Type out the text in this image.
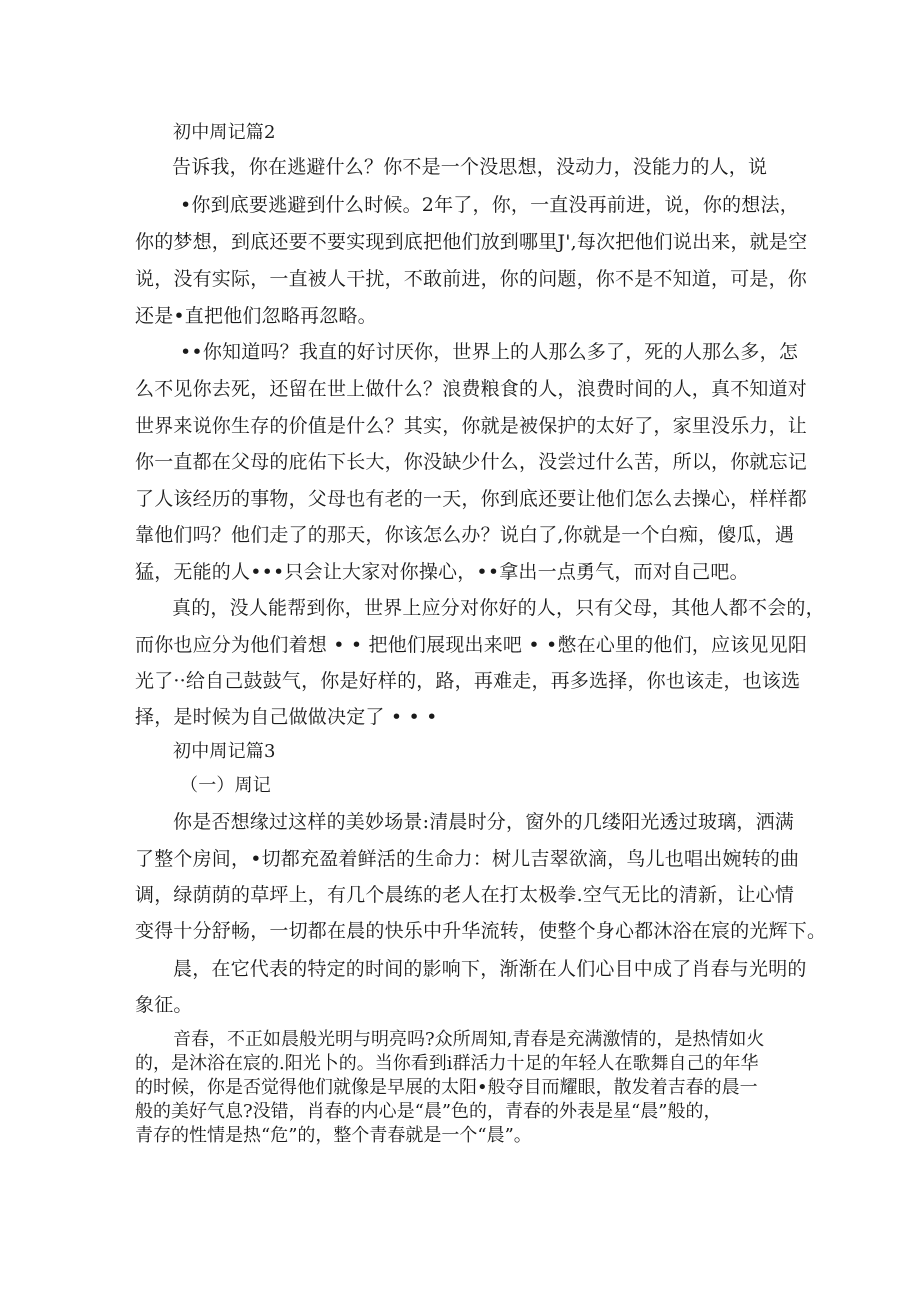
初中周记篇2
告诉我，你在逃避什么？你不是一个没思想，没动力，没能力的人，说
•你到底要逃避到什么时候。2年了，你，一直没再前进，说，你的想法，
你的梦想，到底还要不要实现到底把他们放到哪里J',每次把他们说出来，就是空
说，没有实际，一直被人干扰，不敢前进，你的问题，你不是不知道，可是，你
还是•直把他们忽略再忽略。
••你知道吗？我直的好讨厌你，世界上的人那么多了，死的人那么多，怎
么不见你去死，还留在世上做什么？浪费粮食的人，浪费时间的人，真不知道对
世界来说你生存的价值是什么？其实，你就是被保护的太好了，家里没乐力，让
你一直都在父母的庇佑下长大，你没缺少什么，没尝过什么苦，所以，你就忘记
了人该经历的事物，父母也有老的一天，你到底还要让他们怎么去操心，样样都
靠他们吗？他们走了的那天，你该怎么办？说白了,你就是一个白痴，傻瓜，遇
猛，无能的人•••只会让大家对你操心，••拿出一点勇气，而对自己吧。
真的，没人能帮到你，世界上应分对你好的人，只有父母，其他人都不会的，
而你也应分为他们着想 • • 把他们展现出来吧 • •憋在心里的他们，应该见见阳
光了··给自己鼓鼓气，你是好样的，路，再难走，再多选择，你也该走，也该选
择，是时候为自己做做决定了 • • •
初中周记篇3
（一）周记
你是否想缘过这样的美妙场景:清晨时分，窗外的几缕阳光透过玻璃，洒满
了整个房间，•切都充盈着鲜活的生命力：树儿吉翠欲滴，鸟儿也唱出婉转的曲
调，绿荫荫的草坪上，有几个晨练的老人在打太极拳.空气无比的清新，让心情
变得十分舒畅，一切都在晨的快乐中升华流转，使整个身心都沐浴在宸的光辉下。
晨，在它代表的特定的时间的影响下，渐渐在人们心目中成了肖春与光明的
象征。
音春，不正如晨般光明与明亮吗?众所周知,青春是充满激情的，是热情如火
的，是沐浴在宸的.阳光卜的。当你看到i群活力十足的年轻人在歌舞自己的年华
的时候，你是否觉得他们就像是早展的太阳•般夺目而耀眼，散发着吉春的晨一
般的美好气息?没错，肖春的内心是“晨”色的，青春的外表是星“晨”般的，
青存的性情是热“危”的，整个青春就是一个“晨”。
